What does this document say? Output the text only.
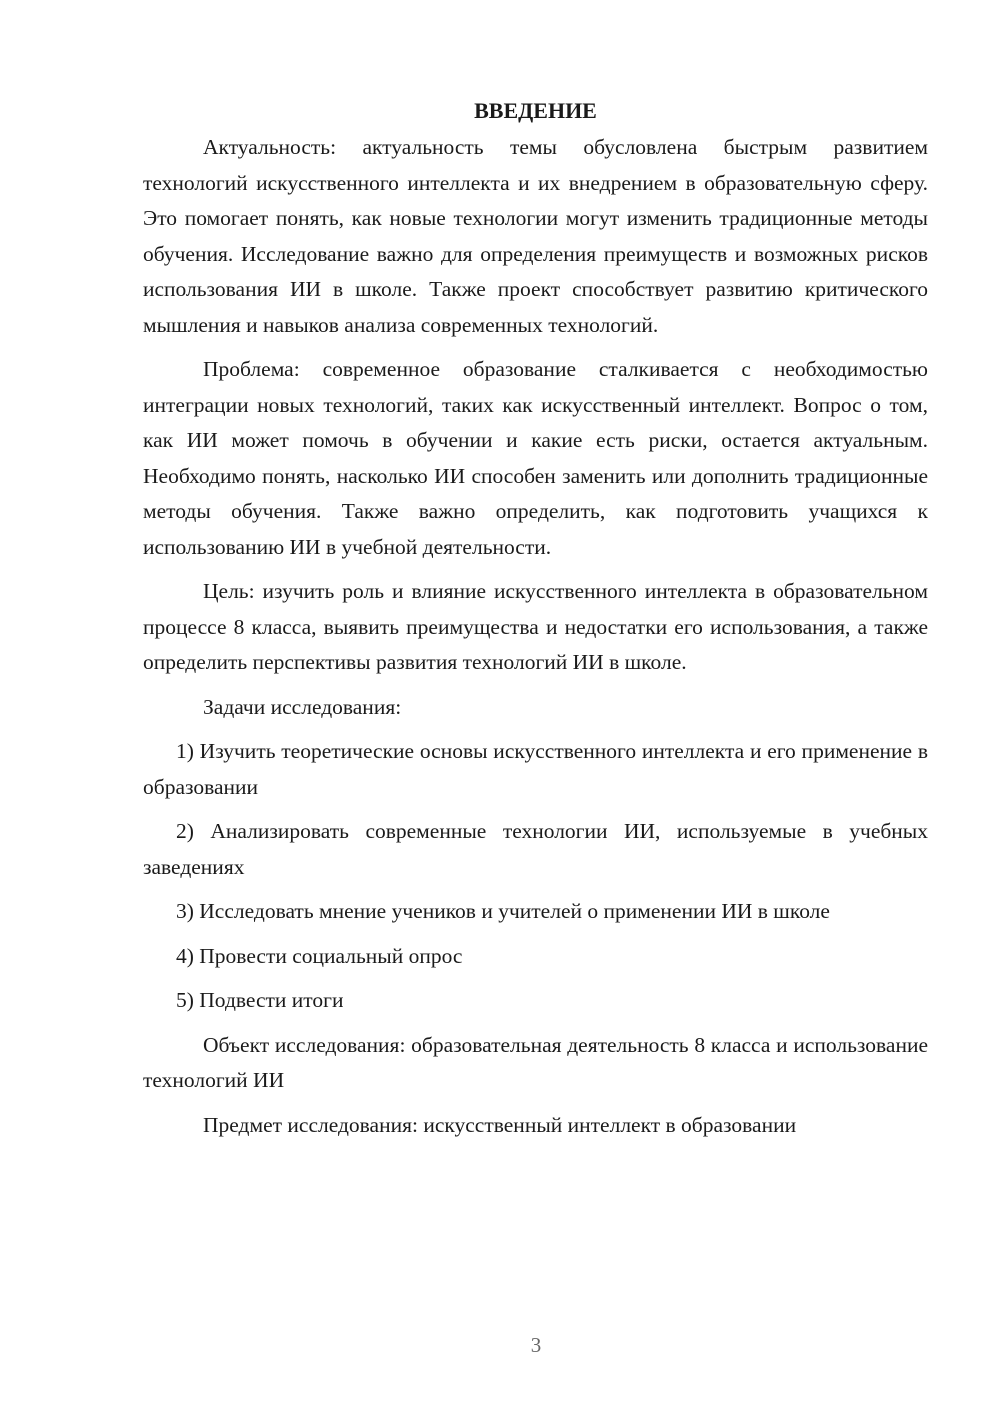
ВВЕДЕНИЕ

Актуальность: актуальность темы обусловлена быстрым развитием технологий искусственного интеллекта и их внедрением в образовательную сферу. Это помогает понять, как новые технологии могут изменить традиционные методы обучения. Исследование важно для определения преимуществ и возможных рисков использования ИИ в школе. Также проект способствует развитию критического мышления и навыков анализа современных технологий.

Проблема: современное образование сталкивается с необходимостью интеграции новых технологий, таких как искусственный интеллект. Вопрос о том, как ИИ может помочь в обучении и какие есть риски, остается актуальным. Необходимо понять, насколько ИИ способен заменить или дополнить традиционные методы обучения. Также важно определить, как подготовить учащихся к использованию ИИ в учебной деятельности.

Цель: изучить роль и влияние искусственного интеллекта в образовательном процессе 8 класса, выявить преимущества и недостатки его использования, а также определить перспективы развития технологий ИИ в школе.

Задачи исследования:

1) Изучить теоретические основы искусственного интеллекта и его применение в образовании

2) Анализировать современные технологии ИИ, используемые в учебных заведениях

3) Исследовать мнение учеников и учителей о применении ИИ в школе

4) Провести социальный опрос

5) Подвести итоги

Объект исследования: образовательная деятельность 8 класса и использование технологий ИИ

Предмет исследования: искусственный интеллект в образовании

3
